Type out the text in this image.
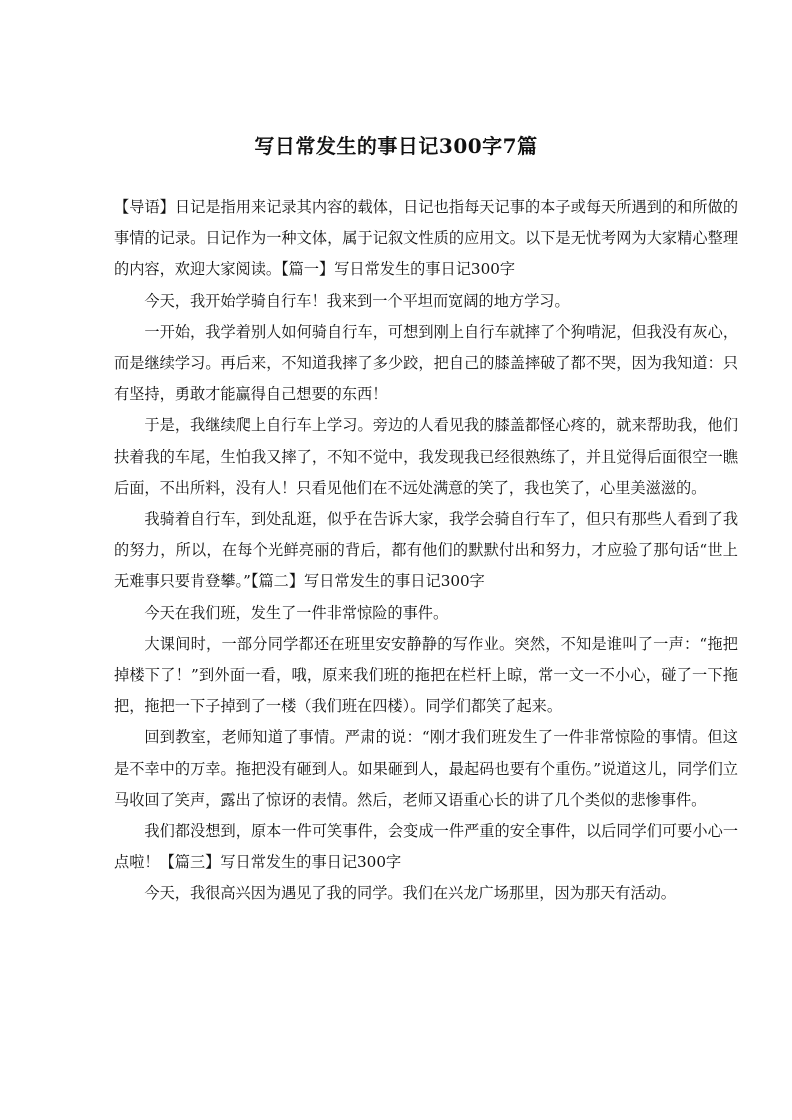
写日常发生的事日记300字7篇

【导语】日记是指用来记录其内容的载体，日记也指每天记事的本子或每天所遇到的和所做的事情的记录。日记作为一种文体，属于记叙文性质的应用文。以下是无忧考网为大家精心整理的内容，欢迎大家阅读。【篇一】写日常发生的事日记300字

今天，我开始学骑自行车！我来到一个平坦而宽阔的地方学习。

一开始，我学着别人如何骑自行车，可想到刚上自行车就摔了个狗啃泥，但我没有灰心，而是继续学习。再后来，不知道我摔了多少跤，把自己的膝盖摔破了都不哭，因为我知道：只有坚持，勇敢才能赢得自己想要的东西！

于是，我继续爬上自行车上学习。旁边的人看见我的膝盖都怪心疼的，就来帮助我，他们扶着我的车尾，生怕我又摔了，不知不觉中，我发现我已经很熟练了，并且觉得后面很空一瞧后面，不出所料，没有人！只看见他们在不远处满意的笑了，我也笑了，心里美滋滋的。

我骑着自行车，到处乱逛，似乎在告诉大家，我学会骑自行车了，但只有那些人看到了我的努力，所以，在每个光鲜亮丽的背后，都有他们的默默付出和努力，才应验了那句话“世上无难事只要肯登攀。”【篇二】写日常发生的事日记300字

今天在我们班，发生了一件非常惊险的事件。

大课间时，一部分同学都还在班里安安静静的写作业。突然，不知是谁叫了一声：“拖把掉楼下了！”到外面一看，哦，原来我们班的拖把在栏杆上晾，常一文一不小心，碰了一下拖把，拖把一下子掉到了一楼（我们班在四楼）。同学们都笑了起来。

回到教室，老师知道了事情。严肃的说：“刚才我们班发生了一件非常惊险的事情。但这是不幸中的万幸。拖把没有砸到人。如果砸到人，最起码也要有个重伤。”说道这儿，同学们立马收回了笑声，露出了惊讶的表情。然后，老师又语重心长的讲了几个类似的悲惨事件。

我们都没想到，原本一件可笑事件，会变成一件严重的安全事件，以后同学们可要小心一点啦！【篇三】写日常发生的事日记300字

今天，我很高兴因为遇见了我的同学。我们在兴龙广场那里，因为那天有活动。
